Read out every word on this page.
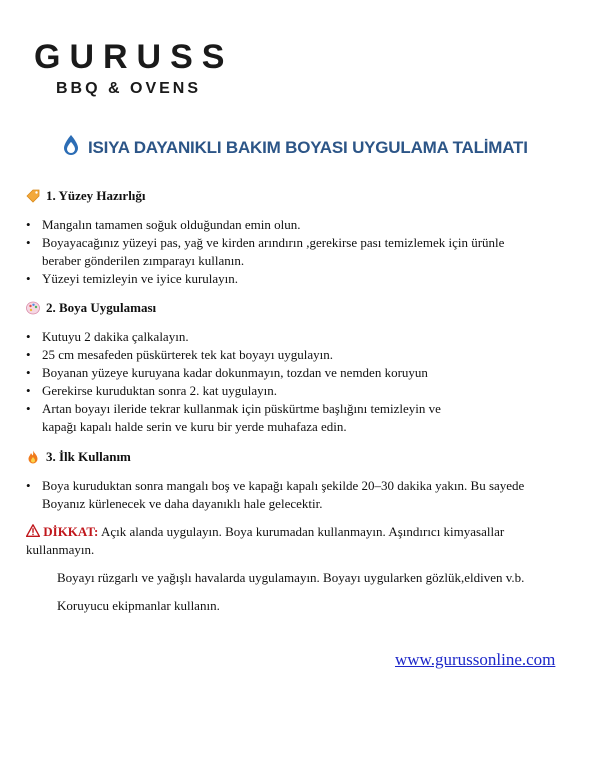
GURUSS
BBQ & OVENS
ISIYA DAYANIKLI BAKIM BOYASI UYGULAMA TALİMATI
1. Yüzey Hazırlığı
• Mangalın tamamen soğuk olduğundan emin olun.
• Boyayacağınız yüzeyi pas, yağ ve kirden arındırın ,gerekirse pası temizlemek için ürünle beraber gönderilen zımparayı kullanın.
• Yüzeyi temizleyin ve iyice kurulayın.
2. Boya Uygulaması
• Kutuyu 2 dakika çalkalayın.
• 25 cm mesafeden püskürterek tek kat boyayı uygulayın.
• Boyanan yüzeye kuruyana kadar dokunmayın, tozdan ve nemden koruyun
• Gerekirse kuruduktan sonra 2. kat uygulayın.
• Artan boyayı ileride tekrar kullanmak için püskürtme başlığını temizleyin ve kapağı kapalı halde serin ve kuru bir yerde muhafaza edin.
3. İlk Kullanım
• Boya kuruduktan sonra mangalı boş ve kapağı kapalı şekilde 20–30 dakika yakın. Bu sayede Boyanız kürlenecek ve daha dayanıklı hale gelecektir.
DİKKAT: Açık alanda uygulayın. Boya kurumadan kullanmayın. Aşındırıcı kimyasallar kullanmayın.
Boyayı rüzgarlı ve yağışlı havalarda uygulamayın. Boyayı uygularken gözlük,eldiven v.b.
Koruyucu ekipmanlar kullanın.
www.gurussonline.com
